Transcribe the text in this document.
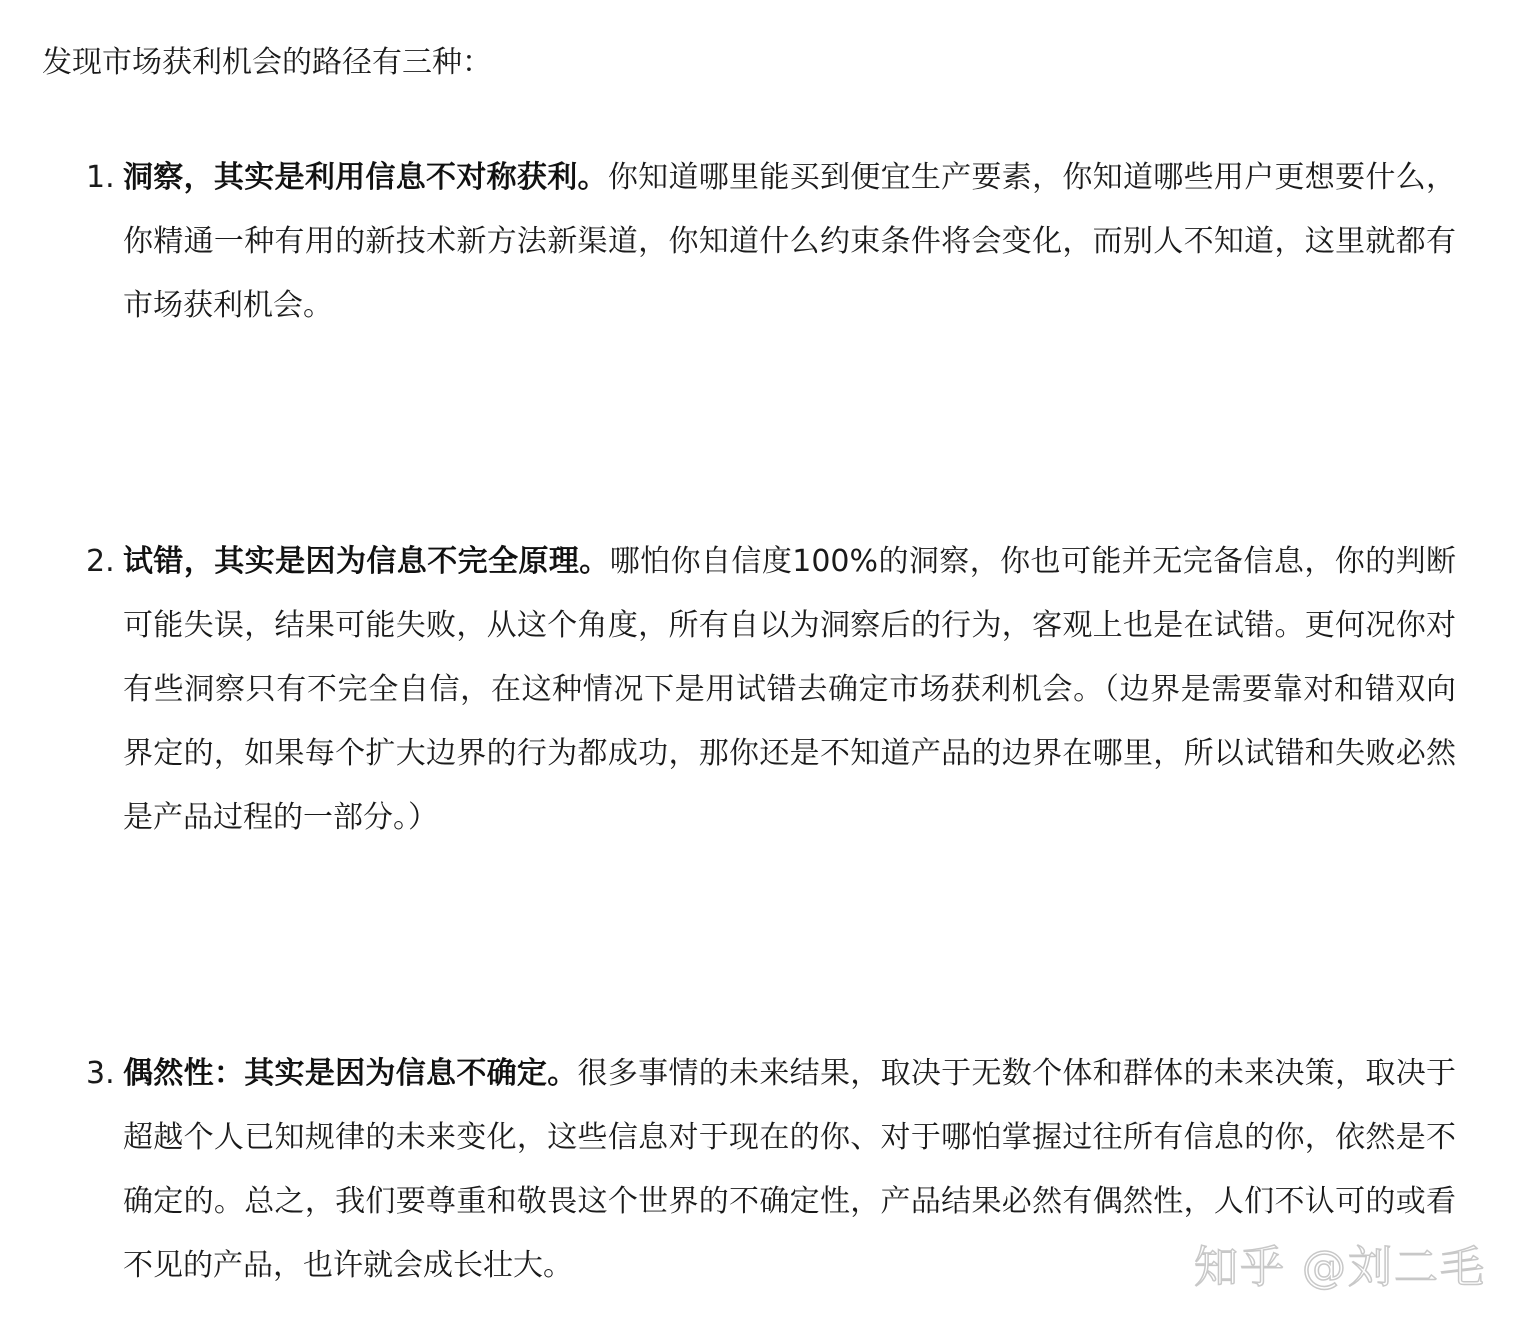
发现市场获利机会的路径有三种：

1. 洞察，其实是利用信息不对称获利。你知道哪里能买到便宜生产要素，你知道哪些用户更想要什么，你精通一种有用的新技术新方法新渠道，你知道什么约束条件将会变化，而别人不知道，这里就都有市场获利机会。
2. 试错，其实是因为信息不完全原理。哪怕你自信度100%的洞察，你也可能并无完备信息，你的判断可能失误，结果可能失败，从这个角度，所有自以为洞察后的行为，客观上也是在试错。更何况你对有些洞察只有不完全自信，在这种情况下是用试错去确定市场获利机会。（边界是需要靠对和错双向界定的，如果每个扩大边界的行为都成功，那你还是不知道产品的边界在哪里，所以试错和失败必然是产品过程的一部分。）
3. 偶然性：其实是因为信息不确定。很多事情的未来结果，取决于无数个体和群体的未来决策，取决于超越个人已知规律的未来变化，这些信息对于现在的你、对于哪怕掌握过往所有信息的你，依然是不确定的。总之，我们要尊重和敬畏这个世界的不确定性，产品结果必然有偶然性，人们不认可的或看不见的产品，也许就会成长壮大。	知乎 @刘二毛
